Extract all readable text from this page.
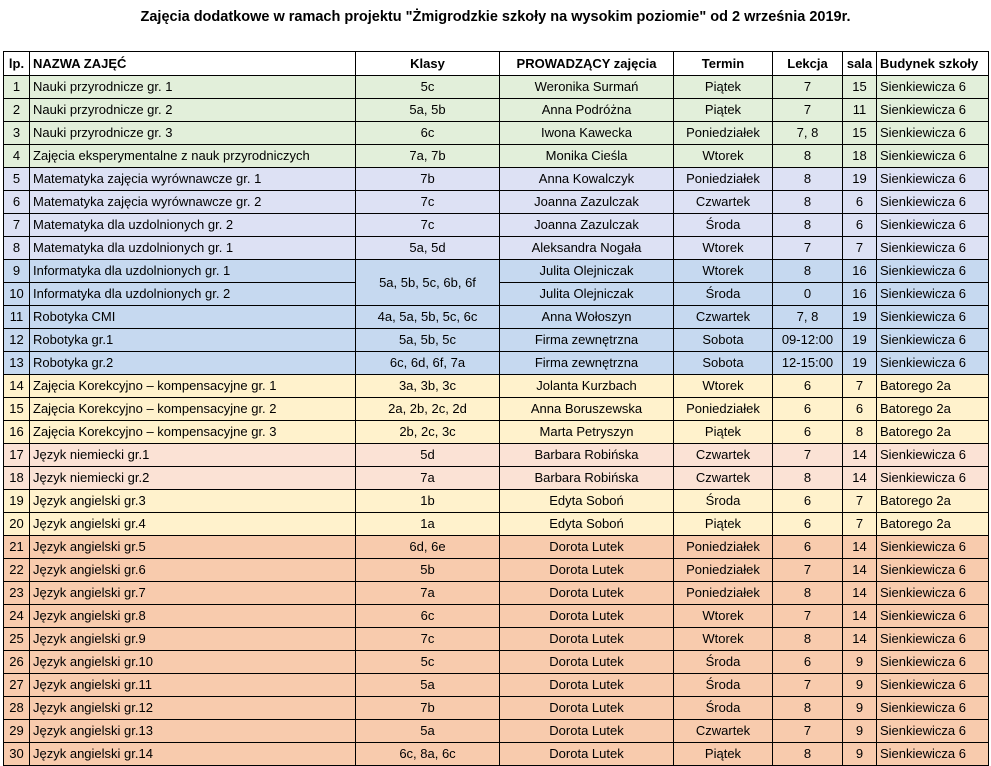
Zajęcia dodatkowe w ramach projektu "Żmigrodzkie szkoły na wysokim poziomie" od 2 września 2019r.
lp.	NAZWA ZAJĘĆ	Klasy	PROWADZĄCY zajęcia	Termin	Lekcja	sala	Budynek szkoły
1	Nauki przyrodnicze gr. 1	5c	Weronika Surmań	Piątek	7	15	Sienkiewicza 6
2	Nauki przyrodnicze gr. 2	5a, 5b	Anna Podróżna	Piątek	7	11	Sienkiewicza 6
3	Nauki przyrodnicze gr. 3	6c	Iwona Kawecka	Poniedziałek	7, 8	15	Sienkiewicza 6
4	Zajęcia eksperymentalne z nauk przyrodniczych	7a, 7b	Monika Cieśla	Wtorek	8	18	Sienkiewicza 6
5	Matematyka zajęcia wyrównawcze gr. 1	7b	Anna Kowalczyk	Poniedziałek	8	19	Sienkiewicza 6
6	Matematyka zajęcia wyrównawcze gr. 2	7c	Joanna Zazulczak	Czwartek	8	6	Sienkiewicza 6
7	Matematyka dla uzdolnionych gr. 2	7c	Joanna Zazulczak	Środa	8	6	Sienkiewicza 6
8	Matematyka dla uzdolnionych gr. 1	5a, 5d	Aleksandra Nogała	Wtorek	7	7	Sienkiewicza 6
9	Informatyka dla uzdolnionych gr. 1	5a, 5b, 5c, 6b, 6f	Julita Olejniczak	Wtorek	8	16	Sienkiewicza 6
10	Informatyka dla uzdolnionych gr. 2		Julita Olejniczak	Środa	0	16	Sienkiewicza 6
11	Robotyka CMI	4a, 5a, 5b, 5c, 6c	Anna Wołoszyn	Czwartek	7, 8	19	Sienkiewicza 6
12	Robotyka gr.1	5a, 5b, 5c	Firma zewnętrzna	Sobota	09-12:00	19	Sienkiewicza 6
13	Robotyka gr.2	6c, 6d, 6f, 7a	Firma zewnętrzna	Sobota	12-15:00	19	Sienkiewicza 6
14	Zajęcia Korekcyjno – kompensacyjne gr. 1	3a, 3b, 3c	Jolanta Kurzbach	Wtorek	6	7	Batorego 2a
15	Zajęcia Korekcyjno – kompensacyjne gr. 2	2a, 2b, 2c, 2d	Anna Boruszewska	Poniedziałek	6	6	Batorego 2a
16	Zajęcia Korekcyjno – kompensacyjne gr. 3	2b, 2c, 3c	Marta Petryszyn	Piątek	6	8	Batorego 2a
17	Język niemiecki gr.1	5d	Barbara Robińska	Czwartek	7	14	Sienkiewicza 6
18	Język niemiecki gr.2	7a	Barbara Robińska	Czwartek	8	14	Sienkiewicza 6
19	Język angielski gr.3	1b	Edyta Soboń	Środa	6	7	Batorego 2a
20	Język angielski gr.4	1a	Edyta Soboń	Piątek	6	7	Batorego 2a
21	Język angielski gr.5	6d, 6e	Dorota Lutek	Poniedziałek	6	14	Sienkiewicza 6
22	Język angielski gr.6	5b	Dorota Lutek	Poniedziałek	7	14	Sienkiewicza 6
23	Język angielski gr.7	7a	Dorota Lutek	Poniedziałek	8	14	Sienkiewicza 6
24	Język angielski gr.8	6c	Dorota Lutek	Wtorek	7	14	Sienkiewicza 6
25	Język angielski gr.9	7c	Dorota Lutek	Wtorek	8	14	Sienkiewicza 6
26	Język angielski gr.10	5c	Dorota Lutek	Środa	6	9	Sienkiewicza 6
27	Język angielski gr.11	5a	Dorota Lutek	Środa	7	9	Sienkiewicza 6
28	Język angielski gr.12	7b	Dorota Lutek	Środa	8	9	Sienkiewicza 6
29	Język angielski gr.13	5a	Dorota Lutek	Czwartek	7	9	Sienkiewicza 6
30	Język angielski gr.14	6c, 8a, 6c	Dorota Lutek	Piątek	8	9	Sienkiewicza 6
